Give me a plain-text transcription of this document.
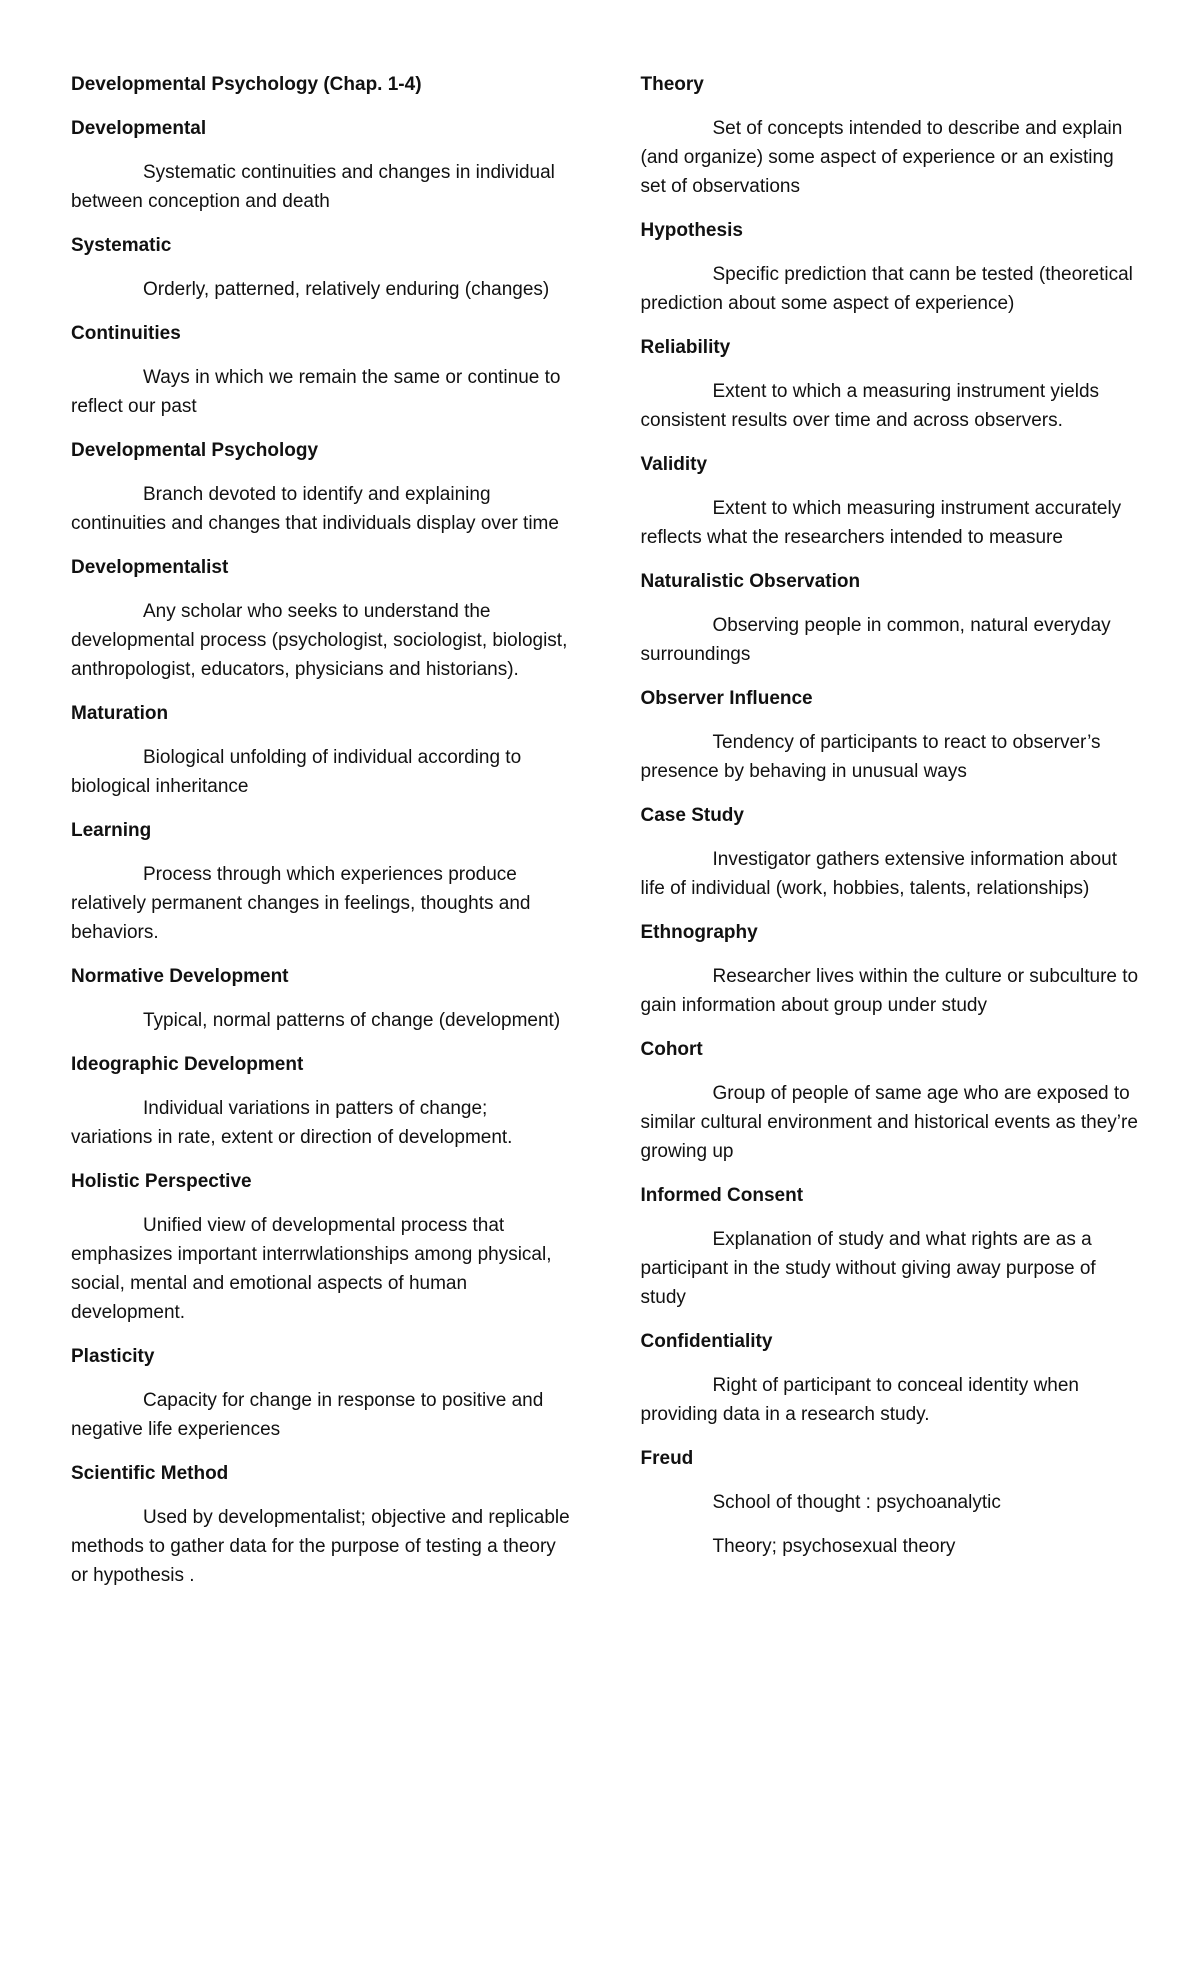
Developmental Psychology (Chap. 1-4)

Developmental

Systematic continuities and changes in individual between conception and death

Systematic

Orderly, patterned, relatively enduring (changes)

Continuities

Ways in which we remain the same or continue to reflect our past

Developmental Psychology

Branch devoted to identify and explaining continuities and changes that individuals display over time

Developmentalist

Any scholar who seeks to understand the developmental process (psychologist, sociologist, biologist, anthropologist, educators, physicians and historians).

Maturation

Biological unfolding of individual according to biological inheritance

Learning

Process through which experiences produce relatively permanent changes in feelings, thoughts and behaviors.

Normative Development

Typical, normal patterns of change (development)

Ideographic Development

Individual variations in patters of change; variations in rate, extent or direction of development.

Holistic Perspective

Unified view of developmental process that emphasizes important interrwlationships among physical, social, mental and emotional aspects of human development.

Plasticity

Capacity for change in response to positive and negative life experiences

Scientific Method

Used by developmentalist; objective and replicable methods to gather data for the purpose of testing a theory or hypothesis .

Theory

Set of concepts intended to describe and explain (and organize) some aspect of experience or an existing set of observations

Hypothesis

Specific prediction that cann be tested (theoretical prediction about some aspect of experience)

Reliability

Extent to which a measuring instrument yields consistent results over time and across observers.

Validity

Extent to which measuring instrument accurately reflects what the researchers intended to measure

Naturalistic Observation

Observing people in common, natural everyday surroundings

Observer Influence

Tendency of participants to react to observer’s presence by behaving in unusual ways

Case Study

Investigator gathers extensive information about life of individual (work, hobbies, talents, relationships)

Ethnography

Researcher lives within the culture or subculture to gain information about group under study

Cohort

Group of people of same age who are exposed to similar cultural environment and historical events as they’re growing up

Informed Consent

Explanation of study and what rights are as a participant in the study without giving away purpose of study

Confidentiality

Right of participant to conceal identity when providing data in a research study.

Freud

School of thought : psychoanalytic

Theory; psychosexual theory
